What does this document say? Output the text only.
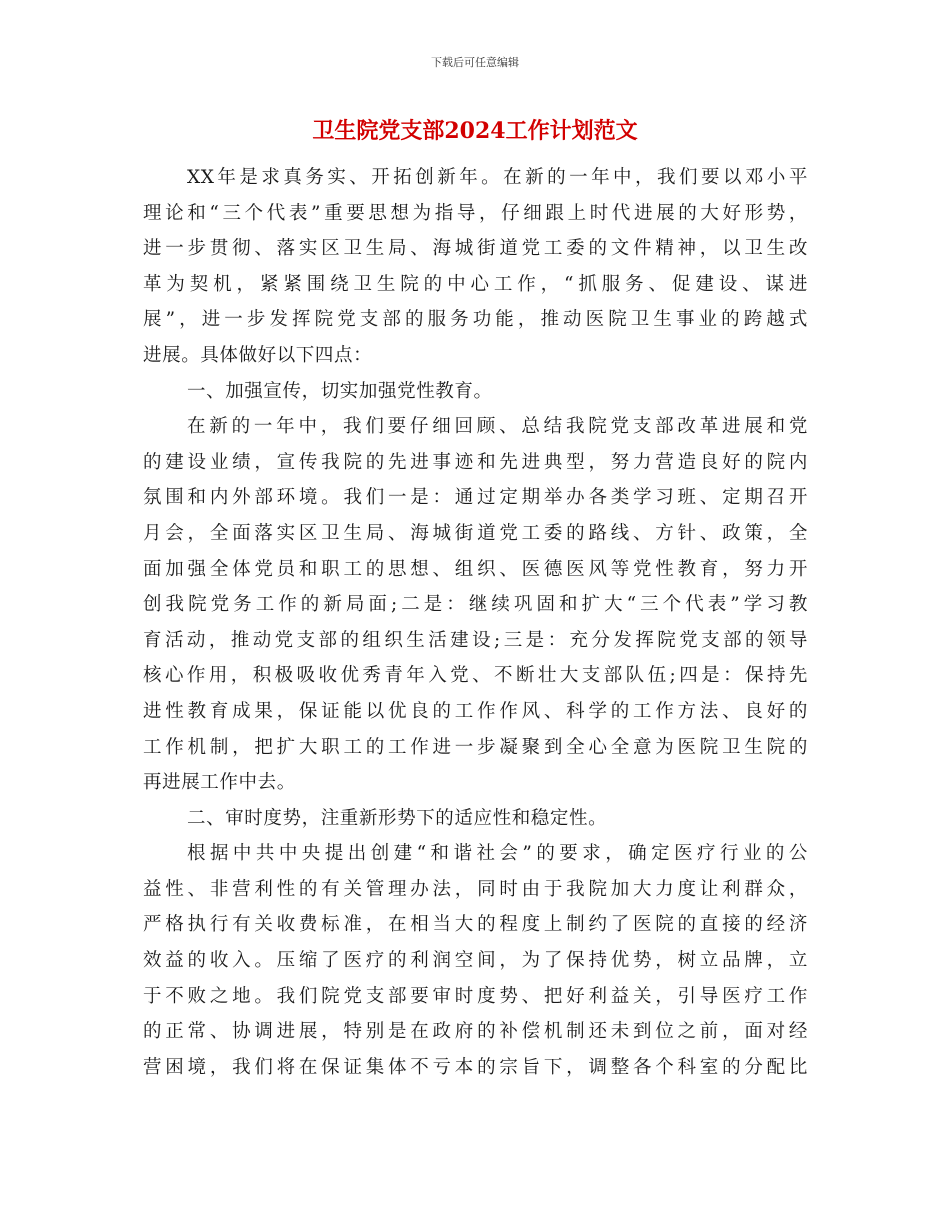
下载后可任意编辑
卫生院党支部2024工作计划范文
XX年是求真务实、开拓创新年。在新的一年中，我们要以邓小平
理论和“三个代表”重要思想为指导，仔细跟上时代进展的大好形势，
进一步贯彻、落实区卫生局、海城街道党工委的文件精神，以卫生改
革为契机，紧紧围绕卫生院的中心工作，“抓服务、促建设、谋进
展”，进一步发挥院党支部的服务功能，推动医院卫生事业的跨越式
进展。具体做好以下四点：
一、加强宣传，切实加强党性教育。
在新的一年中，我们要仔细回顾、总结我院党支部改革进展和党
的建设业绩，宣传我院的先进事迹和先进典型，努力营造良好的院内
氛围和内外部环境。我们一是：通过定期举办各类学习班、定期召开
月会，全面落实区卫生局、海城街道党工委的路线、方针、政策，全
面加强全体党员和职工的思想、组织、医德医风等党性教育，努力开
创我院党务工作的新局面;二是：继续巩固和扩大“三个代表”学习教
育活动，推动党支部的组织生活建设;三是：充分发挥院党支部的领导
核心作用，积极吸收优秀青年入党、不断壮大支部队伍;四是：保持先
进性教育成果，保证能以优良的工作作风、科学的工作方法、良好的
工作机制，把扩大职工的工作进一步凝聚到全心全意为医院卫生院的
再进展工作中去。
二、审时度势，注重新形势下的适应性和稳定性。
根据中共中央提出创建“和谐社会”的要求，确定医疗行业的公
益性、非营利性的有关管理办法，同时由于我院加大力度让利群众，
严格执行有关收费标准，在相当大的程度上制约了医院的直接的经济
效益的收入。压缩了医疗的利润空间，为了保持优势，树立品牌，立
于不败之地。我们院党支部要审时度势、把好利益关，引导医疗工作
的正常、协调进展，特别是在政府的补偿机制还未到位之前，面对经
营困境，我们将在保证集体不亏本的宗旨下，调整各个科室的分配比
